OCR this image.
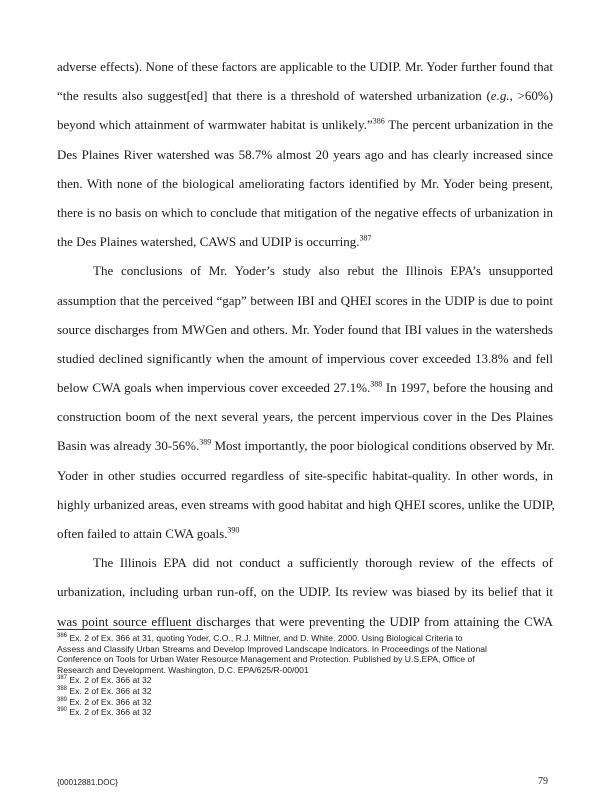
adverse effects). None of these factors are applicable to the UDIP. Mr. Yoder further found that
“the results also suggest[ed] that there is a threshold of watershed urbanization (e.g., >60%)
beyond which attainment of warmwater habitat is unlikely.”$^{386}$ The percent urbanization in the
Des Plaines River watershed was 58.7% almost 20 years ago and has clearly increased since
then. With none of the biological ameliorating factors identified by Mr. Yoder being present,
there is no basis on which to conclude that mitigation of the negative effects of urbanization in
the Des Plaines watershed, CAWS and UDIP is occurring.$^{387}$
The conclusions of Mr. Yoder’s study also rebut the Illinois EPA’s unsupported
assumption that the perceived “gap” between IBI and QHEI scores in the UDIP is due to point
source discharges from MWGen and others. Mr. Yoder found that IBI values in the watersheds
studied declined significantly when the amount of impervious cover exceeded 13.8% and fell
below CWA goals when impervious cover exceeded 27.1%.$^{388}$ In 1997, before the housing and
construction boom of the next several years, the percent impervious cover in the Des Plaines
Basin was already 30-56%.$^{389}$ Most importantly, the poor biological conditions observed by Mr.
Yoder in other studies occurred regardless of site-specific habitat-quality. In other words, in
highly urbanized areas, even streams with good habitat and high QHEI scores, unlike the UDIP,
often failed to attain CWA goals.$^{390}$
The Illinois EPA did not conduct a sufficiently thorough review of the effects of
urbanization, including urban run-off, on the UDIP. Its review was biased by its belief that it
was point source effluent discharges that were preventing the UDIP from attaining the CWA
$^{386}$ Ex. 2 of Ex. 366 at 31, quoting Yoder, C.O., R.J. Miltner, and D. White. 2000. Using Biological Criteria to
Assess and Classify Urban Streams and Develop Improved Landscape Indicators. In Proceedings of the National
Conference on Tools for Urban Water Resource Management and Protection. Published by U.S.EPA, Office of
Research and Development. Washington, D.C. EPA/625/R-00/001
$^{387}$ Ex. 2 of Ex. 366 at 32
$^{388}$ Ex. 2 of Ex. 366 at 32
$^{389}$ Ex. 2 of Ex. 366 at 32
$^{390}$ Ex. 2 of Ex. 366 at 32
{00012881.DOC}	79
